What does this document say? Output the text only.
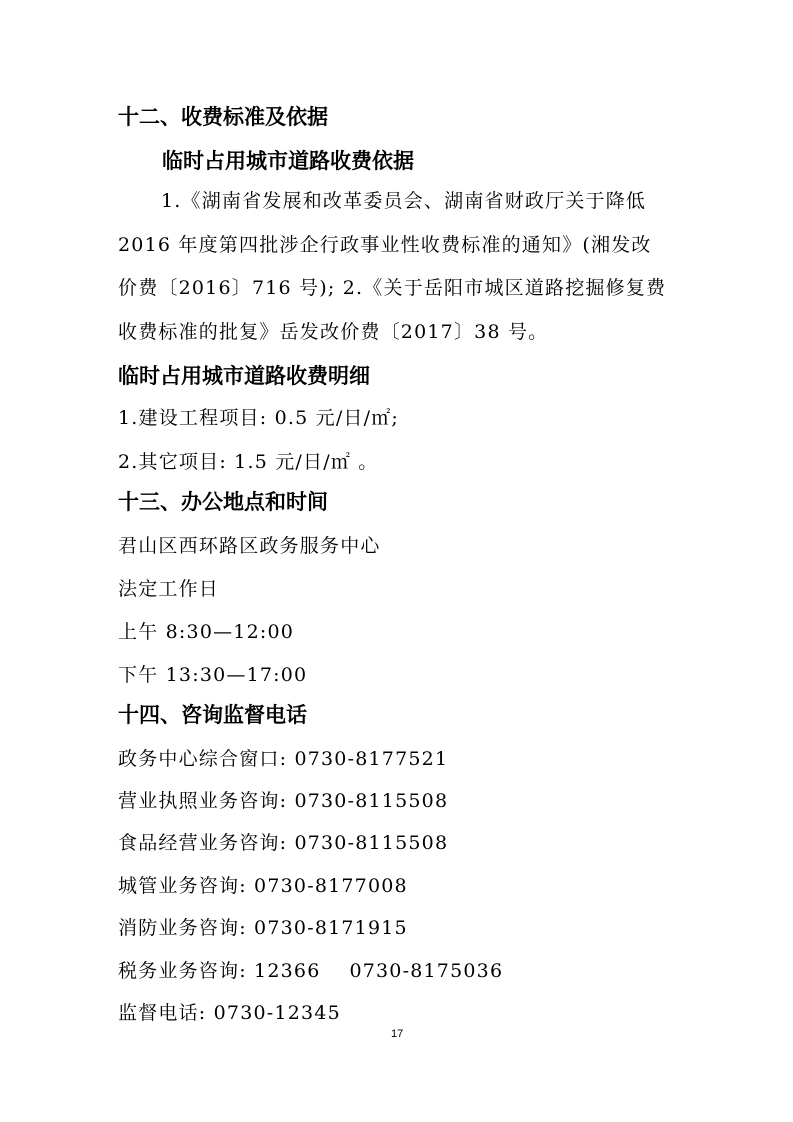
十二、收费标准及依据
临时占用城市道路收费依据
1.《湖南省发展和改革委员会、湖南省财政厅关于降低
2016 年度第四批涉企行政事业性收费标准的通知》(湘发改
价费〔2016〕716 号); 2.《关于岳阳市城区道路挖掘修复费
收费标准的批复》岳发改价费〔2017〕38 号。
临时占用城市道路收费明细
1.建设工程项目: 0.5 元/日/㎡;
2.其它项目: 1.5 元/日/㎡ 。
十三、办公地点和时间
君山区西环路区政务服务中心
法定工作日
上午 8:30—12:00
下午 13:30—17:00
十四、咨询监督电话
政务中心综合窗口: 0730-8177521
营业执照业务咨询: 0730-8115508
食品经营业务咨询: 0730-8115508
城管业务咨询: 0730-8177008
消防业务咨询: 0730-8171915
税务业务咨询: 12366    0730-8175036
监督电话: 0730-12345
17
